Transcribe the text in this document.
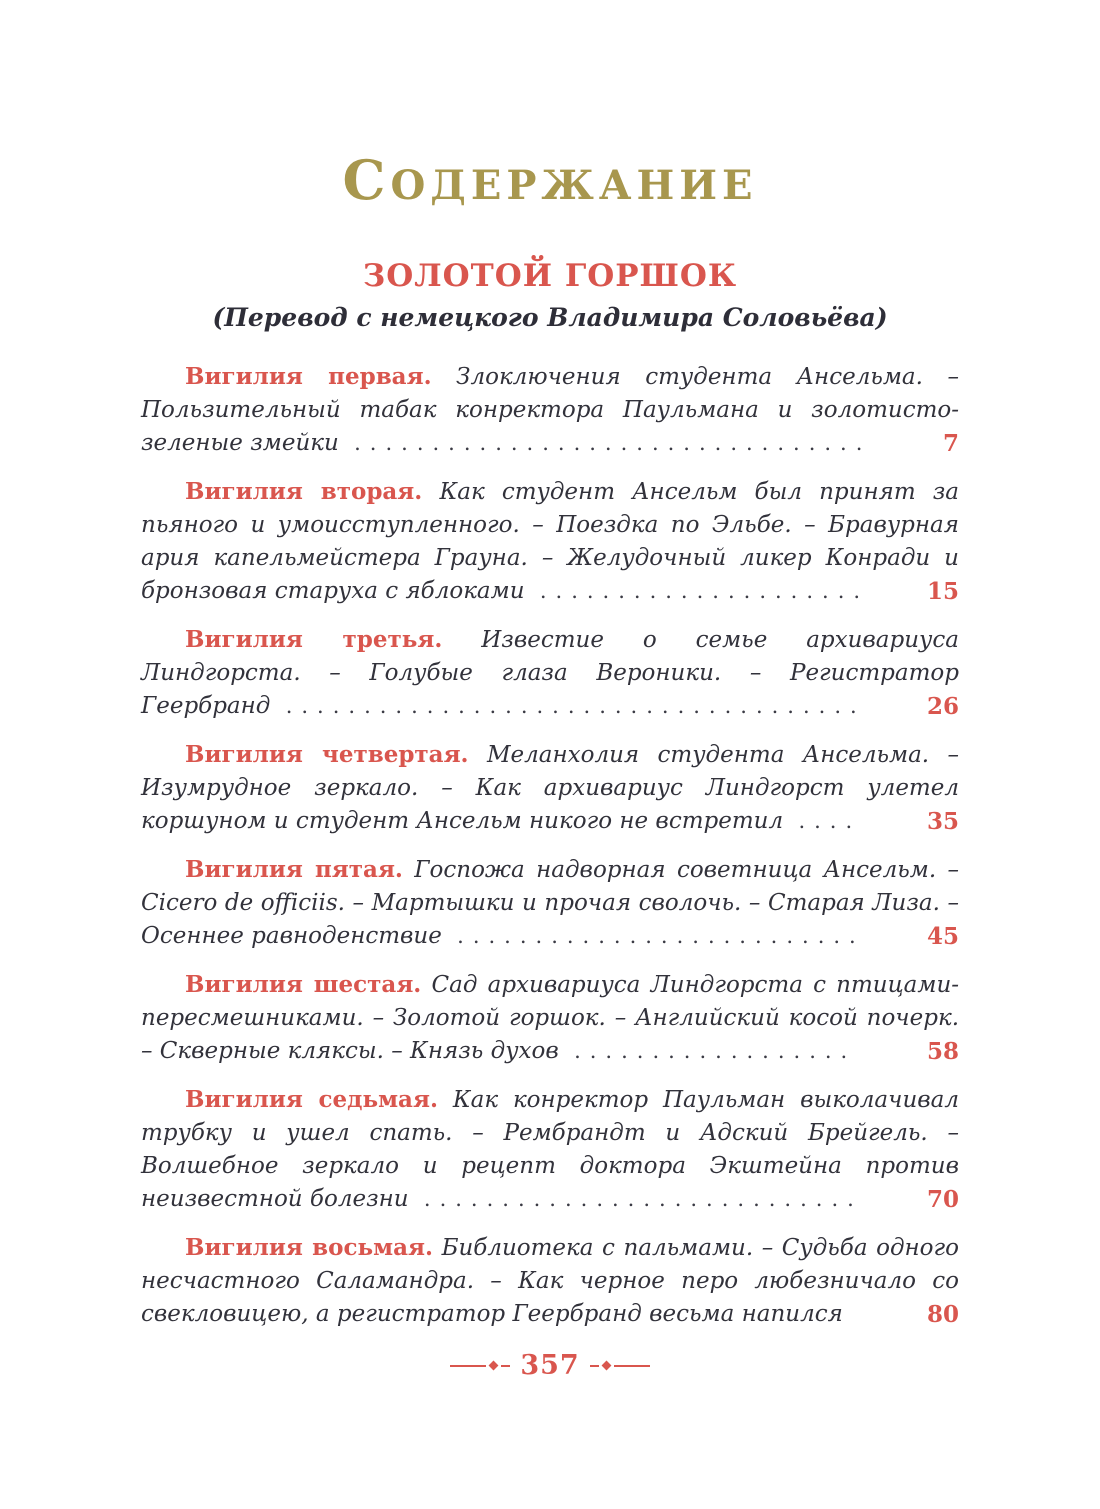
СОДЕРЖАНИЕ
ЗОЛОТОЙ ГОРШОК
(Перевод с немецкого Владимира Соловьёва)

Вигилия первая. Злоключения студента Ансельма. – Пользительный табак конректора Паульмана и золотисто-зеленые змейки	7
.................................

Вигилия вторая. Как студент Ансельм был принят за пьяного и умоисступленного. – Поездка по Эльбе. – Бравурная ария капельмейстера Грауна. – Желудочный ликер Конради и бронзовая старуха с яблоками	15
.....................

Вигилия третья. Известие о семье архивариуса Линдгорста. – Голубые глаза Вероники. – Регистратор Геербранд	26
.....................................

Вигилия четвертая. Меланхолия студента Ансельма. – Изумрудное зеркало. – Как архивариус Линдгорст улетел коршуном и студент Ансельм никого не встретил	35
....

Вигилия пятая. Госпожа надворная советница Ансельм. – Cicero de officiis. – Мартышки и прочая сволочь. – Старая Лиза. – Осеннее равноденствие	45
..........................

Вигилия шестая. Сад архивариуса Линдгорста с птицами-пересмешниками. – Золотой горшок. – Английский косой почерк. – Скверные кляксы. – Князь духов	58
..................

Вигилия седьмая. Как конректор Паульман выколачивал трубку и ушел спать. – Рембрандт и Адский Брейгель. – Волшебное зеркало и рецепт доктора Экштейна против неизвестной болезни	70
............................

Вигилия восьмая. Библиотека с пальмами. – Судьба одного несчастного Саламандра. – Как черное перо любезничало со свекловицею, а регистратор Геербранд весьма напился	80

357
